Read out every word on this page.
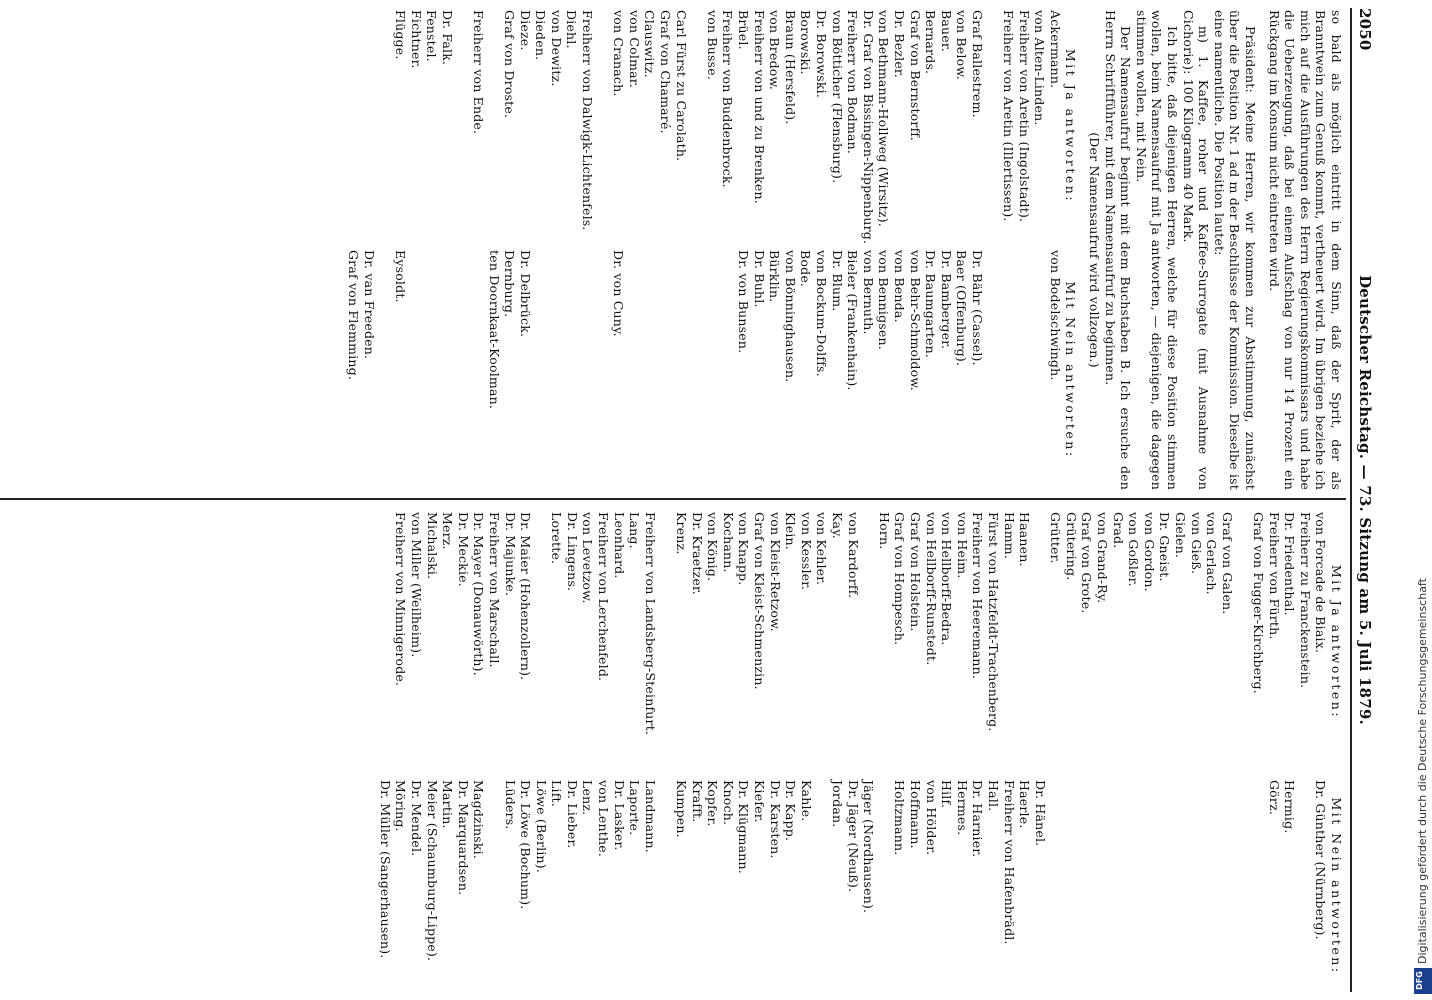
2050
Deutscher Reichstag. — 73. Sitzung am 5. Juli 1879.

so bald als möglich eintritt in dem Sinn, daß der Sprit, der als Branntwein zum Genuß kommt, vertheuert wird. Im übrigen beziehe ich mich auf die Ausführungen des Herrn Regierungskommissars und habe die Ueberzeugung, daß bei einem Aufschlag von nur 14 Prozent ein Rückgang im Konsum nicht eintreten wird.

Präsident: Meine Herren, wir kommen zur Abstimmung, zunächst über die Position Nr. 1 ad m der Beschlüsse der Kommission. Dieselbe ist eine namentliche. Die Position lautet:

m) 1. Kaffee, roher und Kaffee-Surrogate (mit Ausnahme von Cichorie): 100 Kilogramm 40 Mark.

Ich bitte, daß diejenigen Herren, welche für diese Position stimmen wollen, beim Namensaufruf mit Ja antworten, — diejenigen, die dagegen stimmen wollen, mit Nein.

Der Namensaufruf beginnt mit dem Buchstaben B. Ich ersuche den Herrn Schriftführer, mit dem Namensaufruf zu beginnen.

(Der Namensaufruf wird vollzogen.)

Mit Ja antworten:
Ackermann.
von Alten-Linden.
Freiherr von Aretin (Ingolstadt).
Freiherr von Aretin (Illertissen).
Graf Ballestrem.
von Below.
Bauer.
Bernards.
Graf von Bernstorff.
Dr. Bezler.
von Bethmann-Hollweg (Wirsitz).
Dr. Graf von Bissingen-Nippenburg.
Freiherr von Bodman.
von Bötticher (Flensburg).
Dr. Borowski.
Borowski.
Braun (Hersfeld).
von Bredow.
Freiherr von und zu Brenken.
Brüel.
Freiherr von Buddenbrock.
von Busse.
Carl Fürst zu Carolath.
Graf von Chamaré.
Clauswitz.
von Colmar.
von Cranach.
Freiherr von Dalwigk-Lichtenfels.
Diehl.
von Dewitz.
Dieden.
Dieze.
Graf von Droste.
Freiherr von Ende.
Dr. Falk.
Fenstel.
Fichtner.
Flügge.
Mit Nein antworten:
von Bodelschwingh.
Dr. Bähr (Cassel).
Baer (Offenburg).
Dr. Bamberger.
Dr. Baumgarten.
von Behr-Schmoldow.
von Benda.
von Bennigsen.
von Bernuth.
Bieler (Frankenhain).
Dr. Blum.
von Bockum-Dolffs.
Bode.
von Bönninghausen.
Bürklin.
Dr. Buhl.
Dr. von Bunsen.
Dr. von Cuny.
Dr. Delbrück.
Dernburg.
ten Doornkaat-Koolman.
Eysoldt.
Dr. van Freeden.
Graf von Flemming.
Mit Ja antworten:
von Forcade de Biaix.
Freiherr zu Franckenstein.
Dr. Friedenthal.
Freiherr von Fürth.
Graf von Fugger-Kirchberg.
Graf von Galen.
von Gerlach.
von Gieß.
Gielen.
Dr. Gneist.
von Gordon.
von Goßler.
Grad.
von Grand-Ry.
Graf von Grote.
Grütering.
Grütter.
Haanen.
Hamm.
Fürst von Hatzfeldt-Trachenberg.
Freiherr von Heeremann.
von Heim.
von Hellborff-Bedra.
von Hellborff-Runstedt.
Graf von Holstein.
Graf von Hompesch.
Horn.
von Kardorff.
Kay.
von Kehler.
von Kessler.
Klein.
von Kleist-Retzow.
Graf von Kleist-Schmenzin.
von Knapp.
Kochann.
von König.
Dr. Kraetzer.
Krenz.
Freiherr von Landsberg-Steinfurt.
Lang.
Leonhard.
Freiherr von Lerchenfeld.
von Levetzow.
Dr. Lingens.
Lorette.
Dr. Maier (Hohenzollern).
Dr. Majunke.
Freiherr von Marschall.
Dr. Mayer (Donauwörth).
Dr. Meckie.
Merz.
Michalski.
von Miller (Weilheim).
Freiherr von Minnigerode.
Mit Nein antworten:
Dr. Günther (Nürnberg).
Hermig.
Görz.
Dr. Hänel.
Haerle.
Freiherr von Hafenbrädl.
Hall.
Dr. Harnier.
Hermes.
Hilf.
von Hölder.
Hoffmann.
Holtzmann.
Jäger (Nordhausen).
Dr. Jäger (Neuß).
Jordan.
Kahle.
Dr. Kapp.
Dr. Karsten.
Kiefer.
Dr. Klügmann.
Knoch.
Kopfer.
Krafft.
Kumpen.
Landmann.
Laporte.
Dr. Lasker.
von Lenthe.
Lenz.
Dr. Lieber.
Lift.
Löwe (Berlin).
Dr. Löwe (Bochum).
Lüders.
Magdzinski.
Dr. Marquardsen.
Martin.
Meier (Schaumburg-Lippe).
Dr. Mendel.
Möring.
Dr. Müller (Sangerhausen).	Digitalisierung gefördert durch die Deutsche Forschungsgemeinschaft
DFG
